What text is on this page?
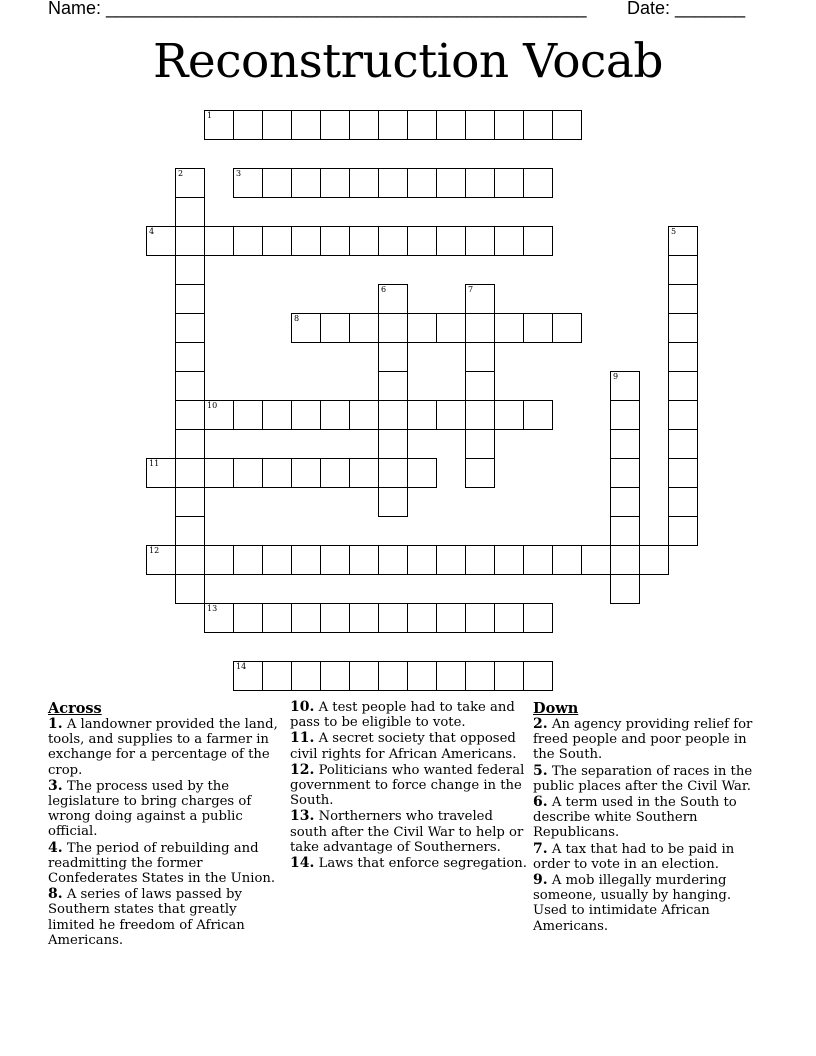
Name: ________________________________________________ Date: _______
Reconstruction Vocab
1
2	3
4	5
6	7
8
9
10
11
12
13
14
Across
1. A landowner provided the land, tools, and supplies to a farmer in exchange for a percentage of the crop.
3. The process used by the legislature to bring charges of wrong doing against a public official.
4. The period of rebuilding and readmitting the former Confederates States in the Union.
8. A series of laws passed by Southern states that greatly limited he freedom of African Americans.
10. A test people had to take and pass to be eligible to vote.
11. A secret society that opposed civil rights for African Americans.
12. Politicians who wanted federal government to force change in the South.
13. Northerners who traveled south after the Civil War to help or take advantage of Southerners.
14. Laws that enforce segregation.
Down
2. An agency providing relief for freed people and poor people in the South.
5. The separation of races in the public places after the Civil War.
6. A term used in the South to describe white Southern Republicans.
7. A tax that had to be paid in order to vote in an election.
9. A mob illegally murdering someone, usually by hanging. Used to intimidate African Americans.
